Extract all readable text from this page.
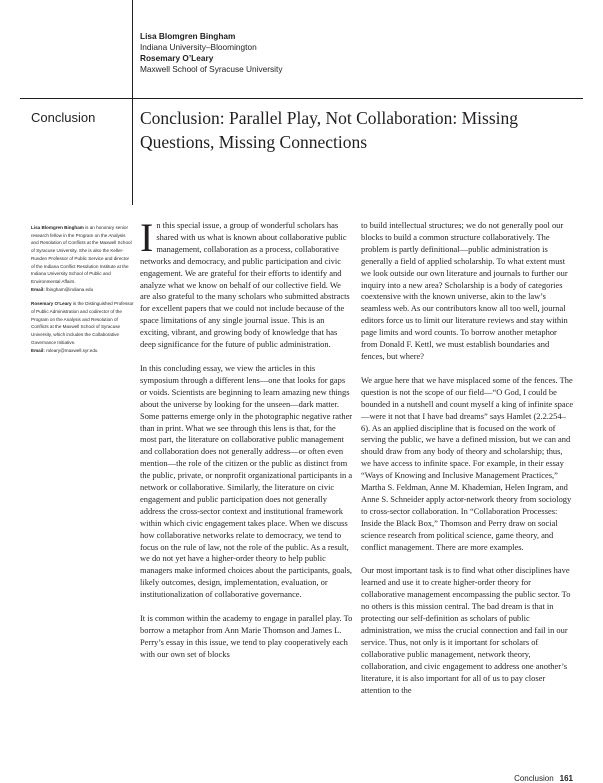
Lisa Blomgren Bingham
Indiana University–Bloomington
Rosemary O’Leary
Maxwell School of Syracuse University
Conclusion	Conclusion: Parallel Play, Not Collaboration: Missing Questions, Missing Connections

Lisa Blomgren Bingham is an honorary senior research fellow in the Program on the Analysis and Resolution of Conflicts at the Maxwell School of Syracuse University. She is also the Keller-Runden Professor of Public Service and director of the Indiana Conflict Resolution Institute at the Indiana University School of Public and Environmental Affairs.
Email: lbingham@indiana.edu

Rosemary O’Leary is the Distinguished Professor of Public Administration and codirector of the Program on the Analysis and Resolution of Conflicts at the Maxwell School of Syracuse University, which includes the Collaborative Governance Initiative.
Email: roleary@maxwell.syr.edu

In this special issue, a group of wonderful scholars has shared with us what is known about collaborative public management, collaboration as a process, collaborative networks and democracy, and public participation and civic engagement. We are grateful for their efforts to identify and analyze what we know on behalf of our collective field. We are also grateful to the many scholars who submitted abstracts for excellent papers that we could not include because of the space limitations of any single journal issue. This is an exciting, vibrant, and growing body of knowledge that has deep significance for the future of public administration.

In this concluding essay, we view the articles in this symposium through a different lens—one that looks for gaps or voids. Scientists are beginning to learn amazing new things about the universe by looking for the unseen—dark matter. Some patterns emerge only in the photographic negative rather than in print. What we see through this lens is that, for the most part, the literature on collaborative public management and collaboration does not generally address—or often even mention—the role of the citizen or the public as distinct from the public, private, or nonprofit organizational participants in a network or collaborative. Similarly, the literature on civic engagement and public participation does not generally address the cross-sector context and institutional framework within which civic engagement takes place. When we discuss how collaborative networks relate to democracy, we tend to focus on the rule of law, not the role of the public. As a result, we do not yet have a higher-order theory to help public managers make informed choices about the participants, goals, likely outcomes, design, implementation, evaluation, or institutionalization of collaborative governance.

It is common within the academy to engage in parallel play. To borrow a metaphor from Ann Marie Thomson and James L. Perry’s essay in this issue, we tend to play cooperatively each with our own set of blocks

to build intellectual structures; we do not generally pool our blocks to build a common structure collaboratively. The problem is partly definitional—public administration is generally a field of applied scholarship. To what extent must we look outside our own literature and journals to further our inquiry into a new area? Scholarship is a body of categories coextensive with the known universe, akin to the law’s seamless web. As our contributors know all too well, journal editors force us to limit our literature reviews and stay within page limits and word counts. To borrow another metaphor from Donald F. Kettl, we must establish boundaries and fences, but where?

We argue here that we have misplaced some of the fences. The question is not the scope of our field—“O God, I could be bounded in a nutshell and count myself a king of infinite space—were it not that I have bad dreams” says Hamlet (2.2.254–6). As an applied discipline that is focused on the work of serving the public, we have a defined mission, but we can and should draw from any body of theory and scholarship; thus, we have access to infinite space. For example, in their essay “Ways of Knowing and Inclusive Management Practices,” Martha S. Feldman, Anne M. Khademian, Helen Ingram, and Anne S. Schneider apply actor-network theory from sociology to cross-sector collaboration. In “Collaboration Processes: Inside the Black Box,” Thomson and Perry draw on social science research from political science, game theory, and conflict management. There are more examples.

Our most important task is to find what other disciplines have learned and use it to create higher-order theory for collaborative management encompassing the public sector. To no others is this mission central. The bad dream is that in protecting our self-definition as scholars of public administration, we miss the crucial connection and fail in our service. Thus, not only is it important for scholars of collaborative public management, network theory, collaboration, and civic engagement to address one another’s literature, it is also important for all of us to pay closer attention to the

Conclusion 161
